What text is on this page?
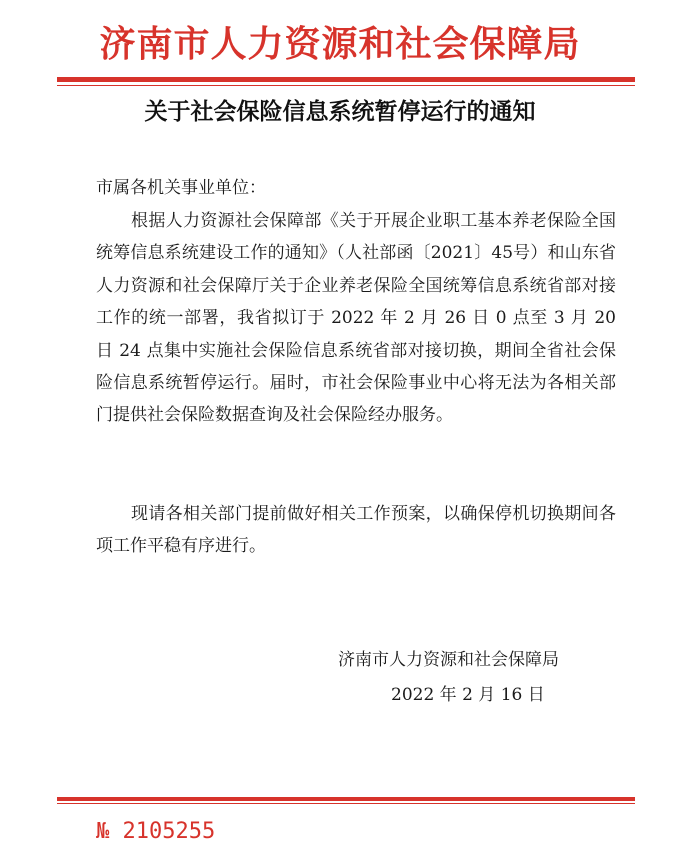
济南市人力资源和社会保障局
关于社会保险信息系统暂停运行的通知
市属各机关事业单位：

根据人力资源社会保障部《关于开展企业职工基本养老保险全国统筹信息系统建设工作的通知》（人社部函〔2021〕45号）和山东省人力资源和社会保障厅关于企业养老保险全国统筹信息系统省部对接工作的统一部署，我省拟订于 2022 年 2 月 26 日 0 点至 3 月 20 日 24 点集中实施社会保险信息系统省部对接切换，期间全省社会保险信息系统暂停运行。届时，市社会保险事业中心将无法为各相关部门提供社会保险数据查询及社会保险经办服务。

现请各相关部门提前做好相关工作预案，以确保停机切换期间各项工作平稳有序进行。

济南市人力资源和社会保障局
2022 年 2 月 16 日
№ 2105255
